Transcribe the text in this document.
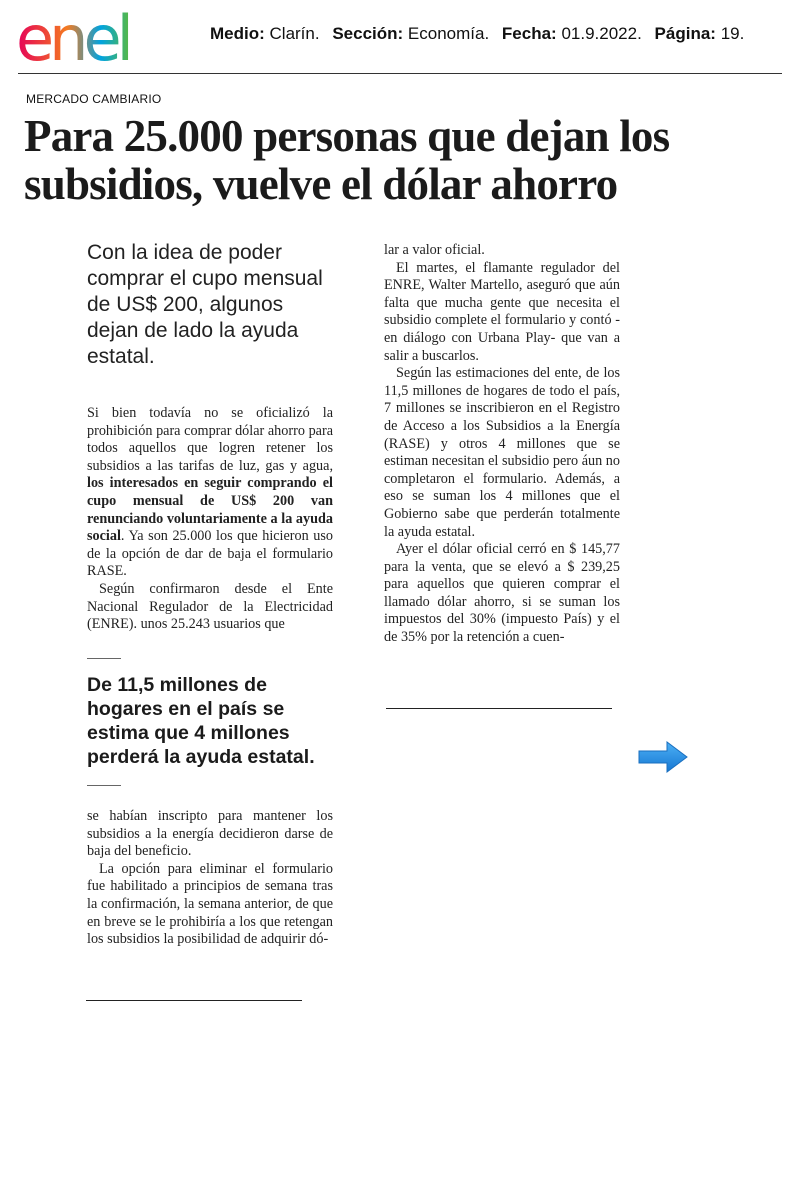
enel	Medio: Clarín. Sección: Economía. Fecha: 01.9.2022. Página: 19.
MERCADO CAMBIARIO
Para 25.000 personas que dejan los subsidios, vuelve el dólar ahorro

Con la idea de poder comprar el cupo mensual de US$ 200, algunos dejan de lado la ayuda estatal.

Si bien todavía no se oficializó la prohibición para comprar dólar ahorro para todos aquellos que logren retener los subsidios a las tarifas de luz, gas y agua, los interesados en seguir comprando el cupo mensual de US$ 200 van renunciando voluntariamente a la ayuda social. Ya son 25.000 los que hicieron uso de la opción de dar de baja el formulario RASE.

Según confirmaron desde el Ente Nacional Regulador de la Electricidad (ENRE). unos 25.243 usuarios que

De 11,5 millones de hogares en el país se estima que 4 millones perderá la ayuda estatal.

se habían inscripto para mantener los subsidios a la energía decidieron darse de baja del beneficio.

La opción para eliminar el formulario fue habilitado a principios de semana tras la confirmación, la semana anterior, de que en breve se le prohibiría a los que retengan los subsidios la posibilidad de adquirir dó-

lar a valor oficial.

El martes, el flamante regulador del ENRE, Walter Martello, aseguró que aún falta que mucha gente que necesita el subsidio complete el formulario y contó -en diálogo con Urbana Play- que van a salir a buscarlos.

Según las estimaciones del ente, de los 11,5 millones de hogares de todo el país, 7 millones se inscribieron en el Registro de Acceso a los Subsidios a la Energía (RASE) y otros 4 millones que se estiman necesitan el subsidio pero áun no completaron el formulario. Además, a eso se suman los 4 millones que el Gobierno sabe que perderán totalmente la ayuda estatal.

Ayer el dólar oficial cerró en $ 145,77 para la venta, que se elevó a $ 239,25 para aquellos que quieren comprar el llamado dólar ahorro, si se suman los impuestos del 30% (impuesto País) y el de 35% por la retención a cuen-
